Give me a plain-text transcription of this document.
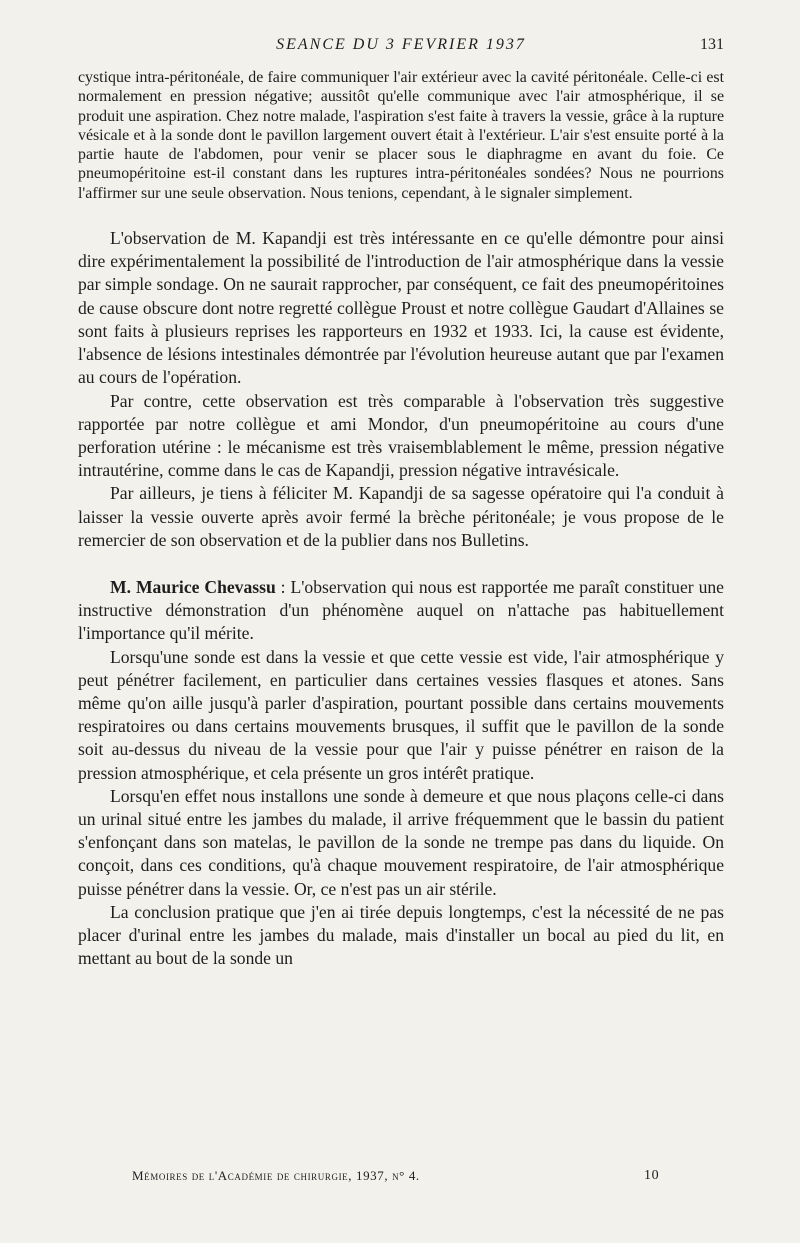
SEANCE DU 3 FEVRIER 1937	131

cystique intra-péritonéale, de faire communiquer l'air extérieur avec la cavité péritonéale. Celle-ci est normalement en pression négative; aussitôt qu'elle communique avec l'air atmosphérique, il se produit une aspiration. Chez notre malade, l'aspiration s'est faite à travers la vessie, grâce à la rupture vésicale et à la sonde dont le pavillon largement ouvert était à l'extérieur. L'air s'est ensuite porté à la partie haute de l'abdomen, pour venir se placer sous le diaphragme en avant du foie. Ce pneumopéritoine est-il constant dans les ruptures intra-péritonéales sondées? Nous ne pourrions l'affirmer sur une seule observation. Nous tenions, cependant, à le signaler simplement.

L'observation de M. Kapandji est très intéressante en ce qu'elle démontre pour ainsi dire expérimentalement la possibilité de l'introduction de l'air atmosphérique dans la vessie par simple sondage. On ne saurait rapprocher, par conséquent, ce fait des pneumopéritoines de cause obscure dont notre regretté collègue Proust et notre collègue Gaudart d'Allaines se sont faits à plusieurs reprises les rapporteurs en 1932 et 1933. Ici, la cause est évidente, l'absence de lésions intestinales démontrée par l'évolution heureuse autant que par l'examen au cours de l'opération.

Par contre, cette observation est très comparable à l'observation très suggestive rapportée par notre collègue et ami Mondor, d'un pneumopéritoine au cours d'une perforation utérine : le mécanisme est très vraisemblablement le même, pression négative intrautérine, comme dans le cas de Kapandji, pression négative intravésicale.

Par ailleurs, je tiens à féliciter M. Kapandji de sa sagesse opératoire qui l'a conduit à laisser la vessie ouverte après avoir fermé la brèche péritonéale; je vous propose de le remercier de son observation et de la publier dans nos Bulletins.

M. Maurice Chevassu : L'observation qui nous est rapportée me paraît constituer une instructive démonstration d'un phénomène auquel on n'attache pas habituellement l'importance qu'il mérite.

Lorsqu'une sonde est dans la vessie et que cette vessie est vide, l'air atmosphérique y peut pénétrer facilement, en particulier dans certaines vessies flasques et atones. Sans même qu'on aille jusqu'à parler d'aspiration, pourtant possible dans certains mouvements respiratoires ou dans certains mouvements brusques, il suffit que le pavillon de la sonde soit au-dessus du niveau de la vessie pour que l'air y puisse pénétrer en raison de la pression atmosphérique, et cela présente un gros intérêt pratique.

Lorsqu'en effet nous installons une sonde à demeure et que nous plaçons celle-ci dans un urinal situé entre les jambes du malade, il arrive fréquemment que le bassin du patient s'enfonçant dans son matelas, le pavillon de la sonde ne trempe pas dans du liquide. On conçoit, dans ces conditions, qu'à chaque mouvement respiratoire, de l'air atmosphérique puisse pénétrer dans la vessie. Or, ce n'est pas un air stérile.

La conclusion pratique que j'en ai tirée depuis longtemps, c'est la nécessité de ne pas placer d'urinal entre les jambes du malade, mais d'installer un bocal au pied du lit, en mettant au bout de la sonde un

Mémoires de l'Académie de chirurgie, 1937, n° 4.	10
